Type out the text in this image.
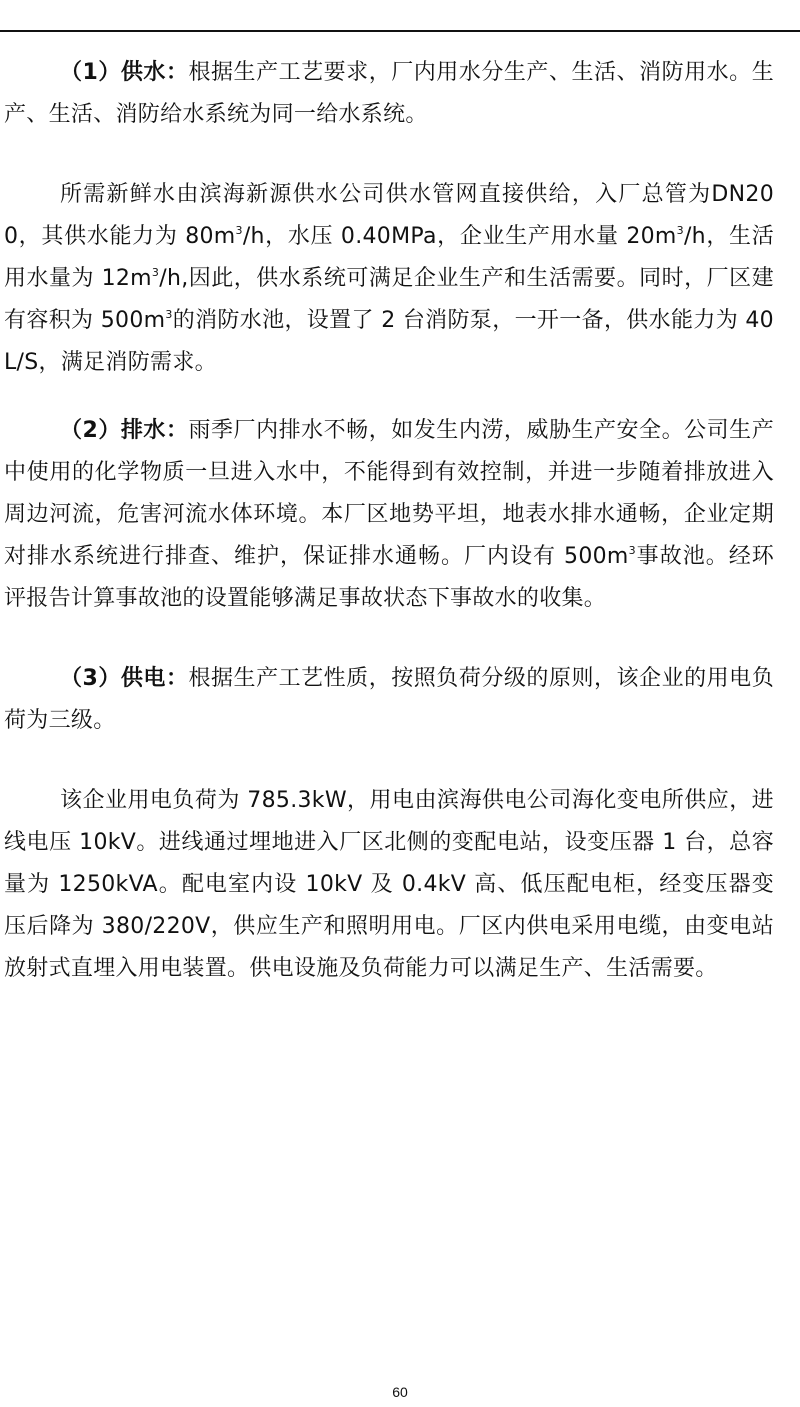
（1）供水：根据生产工艺要求，厂内用水分生产、生活、消防用水。生产、生活、消防给水系统为同一给水系统。

所需新鲜水由滨海新源供水公司供水管网直接供给，入厂总管为DN200，其供水能力为 $80m^3/h$，水压 0.40MPa，企业生产用水量 $20m^3/h$，生活用水量为 $12m^3/h$,因此，供水系统可满足企业生产和生活需要。同时，厂区建有容积为 $500m^3$的消防水池，设置了 2 台消防泵，一开一备，供水能力为 40L/S，满足消防需求。

（2）排水：雨季厂内排水不畅，如发生内涝，威胁生产安全。公司生产中使用的化学物质一旦进入水中，不能得到有效控制，并进一步随着排放进入周边河流，危害河流水体环境。本厂区地势平坦，地表水排水通畅，企业定期对排水系统进行排查、维护，保证排水通畅。厂内设有 $500m^3$事故池。经环评报告计算事故池的设置能够满足事故状态下事故水的收集。

（3）供电：根据生产工艺性质，按照负荷分级的原则，该企业的用电负荷为三级。

该企业用电负荷为 785.3kW，用电由滨海供电公司海化变电所供应，进线电压 10kV。进线通过埋地进入厂区北侧的变配电站，设变压器 1 台，总容量为 1250kVA。配电室内设 10kV 及 0.4kV 高、低压配电柜，经变压器变压后降为 380/220V，供应生产和照明用电。厂区内供电采用电缆，由变电站放射式直埋入用电装置。供电设施及负荷能力可以满足生产、生活需要。

60
